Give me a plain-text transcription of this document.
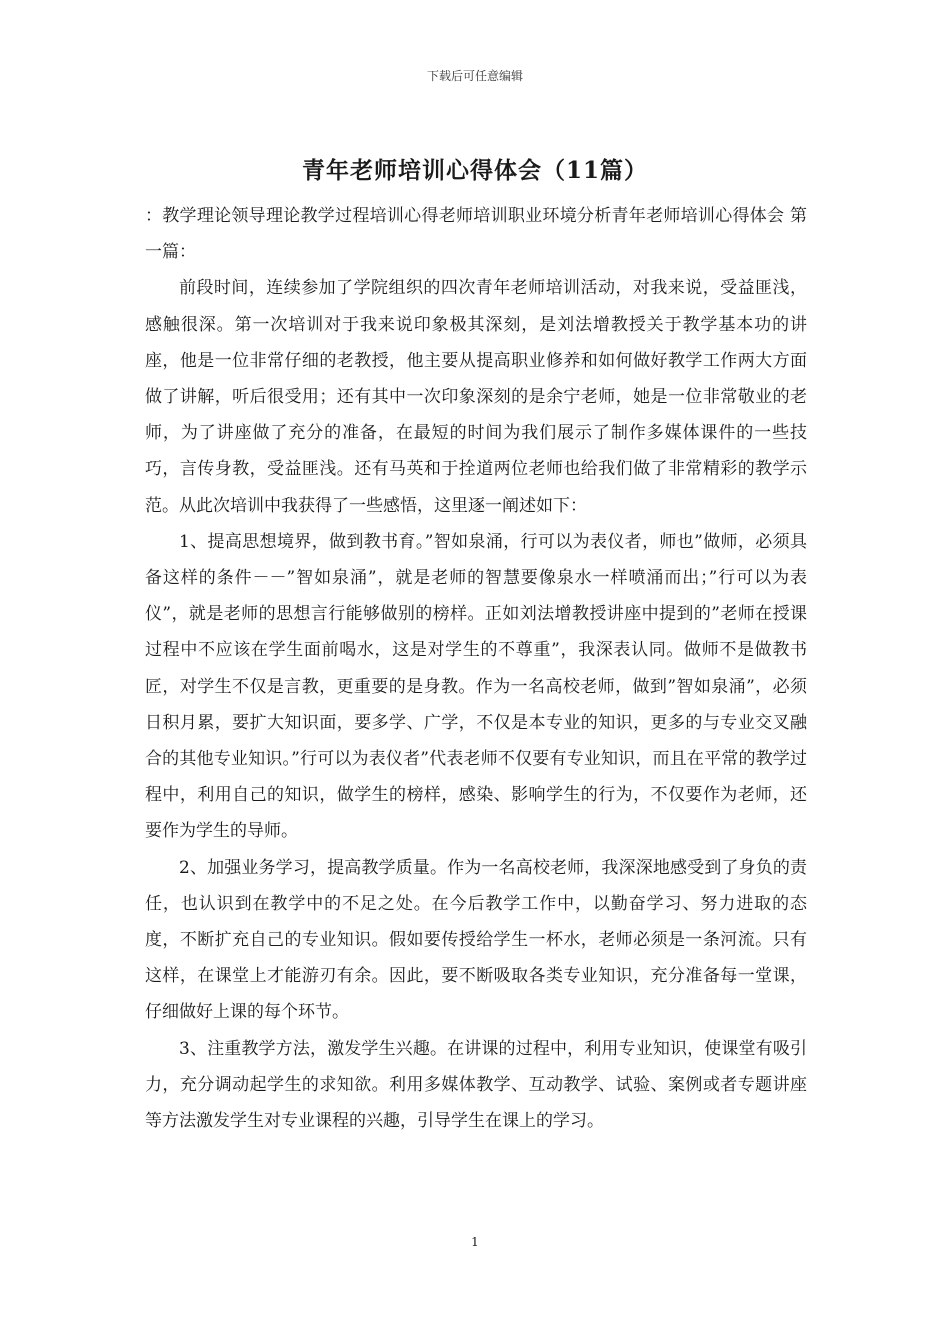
下载后可任意编辑
青年老师培训心得体会（11篇）

：教学理论领导理论教学过程培训心得老师培训职业环境分析青年老师培训心得体会 第一篇：

前段时间，连续参加了学院组织的四次青年老师培训活动，对我来说，受益匪浅，感触很深。第一次培训对于我来说印象极其深刻，是刘法增教授关于教学基本功的讲座，他是一位非常仔细的老教授，他主要从提高职业修养和如何做好教学工作两大方面做了讲解，听后很受用；还有其中一次印象深刻的是余宁老师，她是一位非常敬业的老师，为了讲座做了充分的准备，在最短的时间为我们展示了制作多媒体课件的一些技巧，言传身教，受益匪浅。还有马英和于拴道两位老师也给我们做了非常精彩的教学示范。从此次培训中我获得了一些感悟，这里逐一阐述如下：

1、提高思想境界，做到教书育。”智如泉涌，行可以为表仪者，师也”做师，必须具备这样的条件－－”智如泉涌”，就是老师的智慧要像泉水一样喷涌而出；”行可以为表仪”，就是老师的思想言行能够做别的榜样。正如刘法增教授讲座中提到的”老师在授课过程中不应该在学生面前喝水，这是对学生的不尊重”，我深表认同。做师不是做教书匠，对学生不仅是言教，更重要的是身教。作为一名高校老师，做到”智如泉涌”，必须日积月累，要扩大知识面，要多学、广学，不仅是本专业的知识，更多的与专业交叉融合的其他专业知识。”行可以为表仪者”代表老师不仅要有专业知识，而且在平常的教学过程中，利用自己的知识，做学生的榜样，感染、影响学生的行为，不仅要作为老师，还要作为学生的导师。

2、加强业务学习，提高教学质量。作为一名高校老师，我深深地感受到了身负的责任，也认识到在教学中的不足之处。在今后教学工作中，以勤奋学习、努力进取的态度，不断扩充自己的专业知识。假如要传授给学生一杯水，老师必须是一条河流。只有这样，在课堂上才能游刃有余。因此，要不断吸取各类专业知识，充分准备每一堂课，仔细做好上课的每个环节。

3、注重教学方法，激发学生兴趣。在讲课的过程中，利用专业知识，使课堂有吸引力，充分调动起学生的求知欲。利用多媒体教学、互动教学、试验、案例或者专题讲座等方法激发学生对专业课程的兴趣，引导学生在课上的学习。

1
